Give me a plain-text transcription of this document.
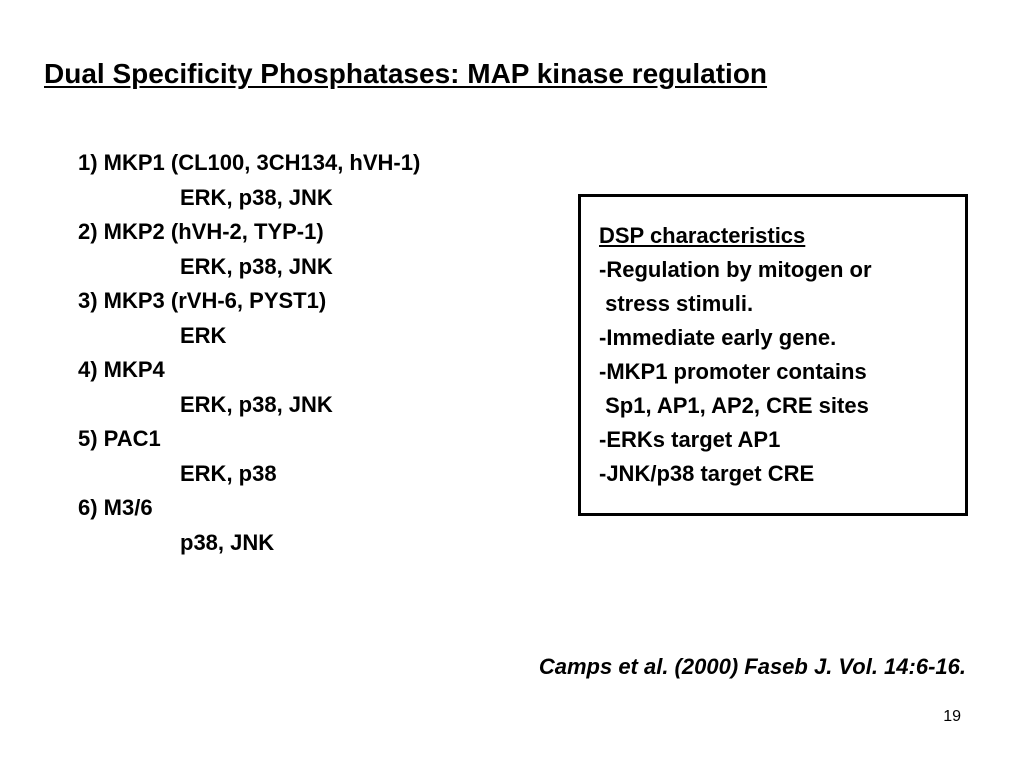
Dual Specificity Phosphatases: MAP kinase regulation
1) MKP1 (CL100, 3CH134, hVH-1)
ERK, p38, JNK
2) MKP2 (hVH-2, TYP-1)
ERK, p38, JNK
3) MKP3 (rVH-6, PYST1)
ERK
4) MKP4
ERK, p38, JNK
5) PAC1
ERK, p38
6) M3/6
p38, JNK
DSP characteristics
-Regulation by mitogen or
stress stimuli.
-Immediate early gene.
-MKP1 promoter contains
Sp1, AP1, AP2, CRE sites
-ERKs target AP1
-JNK/p38 target CRE
Camps et al. (2000) Faseb J. Vol. 14:6-16.
19
